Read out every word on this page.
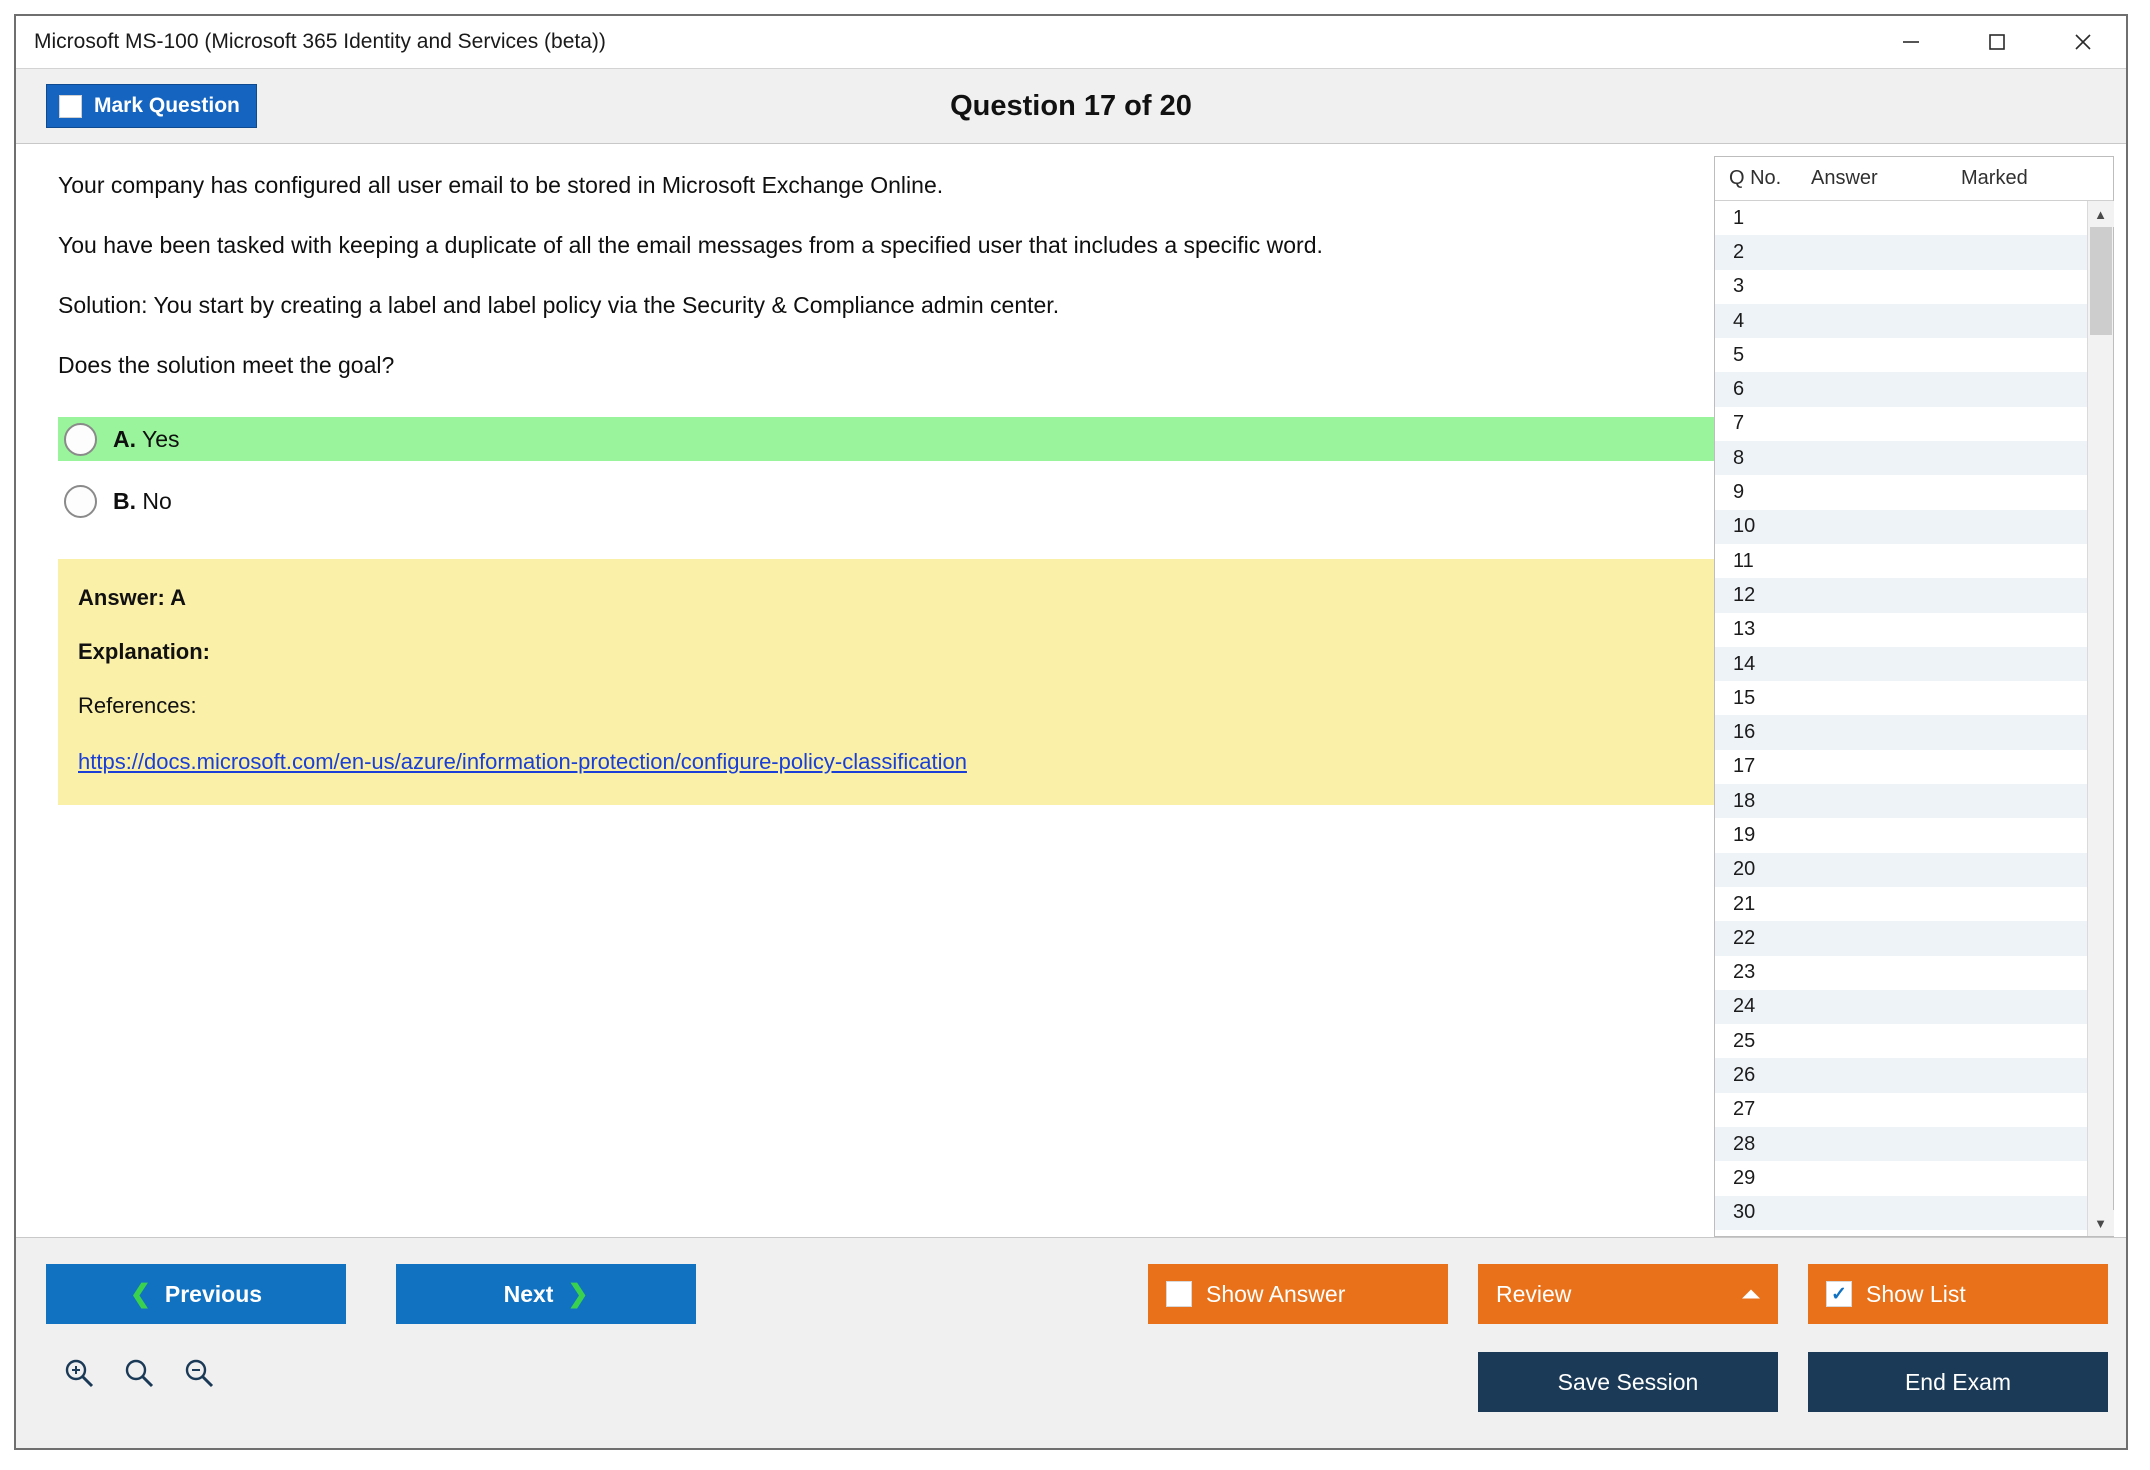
Microsoft MS-100 (Microsoft 365 Identity and Services (beta))
Mark Question	Question 17 of 20

Your company has configured all user email to be stored in Microsoft Exchange Online.

You have been tasked with keeping a duplicate of all the email messages from a specified user that includes a specific word.

Solution: You start by creating a label and label policy via the Security & Compliance admin center.

Does the solution meet the goal?

A. Yes
B. No

Answer: A

Explanation:

References:

https://docs.microsoft.com/en-us/azure/information-protection/configure-policy-classification
Q No.	Answer	Marked
1
2
3
4
5
6
7
8
9
10
11
12
13
14
15
16
17
18
19
20
21
22
23
24
25
26
27
28
29
30
▲
▼
❮ Previous	Next ❯	Show Answer	Review	✓ Show List
Save Session	End Exam
